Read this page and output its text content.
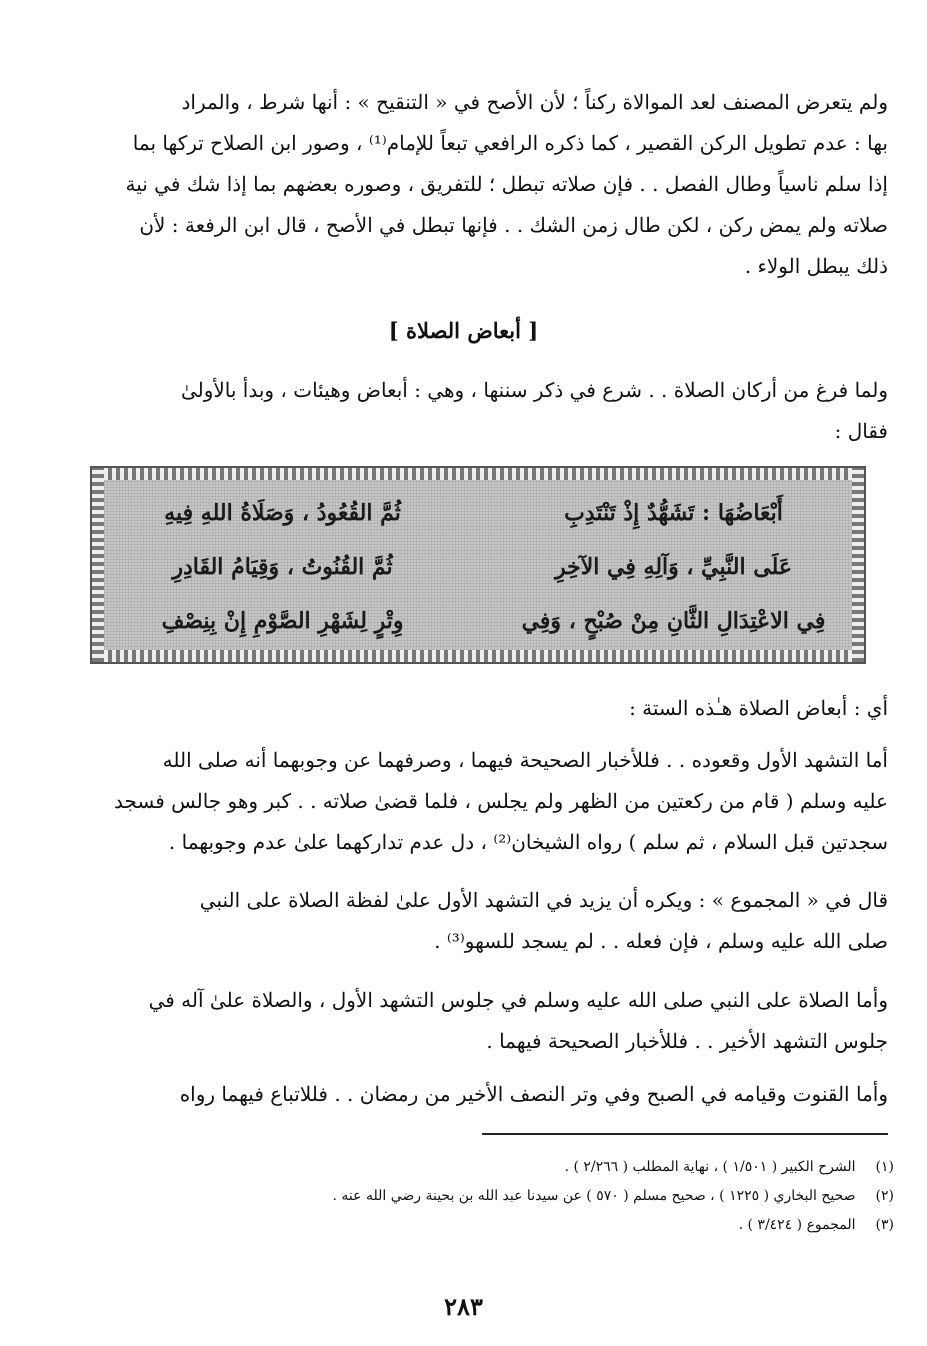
ولم يتعرض المصنف لعد الموالاة ركناً ؛ لأن الأصح في « التنقيح » : أنها شرط ، والمراد
بها : عدم تطويل الركن القصير ، كما ذكره الرافعي تبعاً للإمام⁽¹⁾ ، وصور ابن الصلاح تركها بما
إذا سلم ناسياً وطال الفصل . . فإن صلاته تبطل ؛ للتفريق ، وصوره بعضهم بما إذا شك في نية
صلاته ولم يمض ركن ، لكن طال زمن الشك . . فإنها تبطل في الأصح ، قال ابن الرفعة : لأن
ذلك يبطل الولاء .
[ أبعاض الصلاة ]
ولما فرغ من أركان الصلاة . . شرع في ذكر سننها ، وهي : أبعاض وهيئات ، وبدأ بالأولىٰ
فقال :
أَبْعَاضُهَا : تَشَهُّدٌ إِذْ تَنْتَدِبِ
ثُمَّ القُعُودُ ، وَصَلَاةُ اللهِ فِيهِ
عَلَى النَّبِيِّ ، وَآلِهِ فِي الآخِرِ
ثُمَّ القُنُوتُ ، وَقِيَامُ القَادِرِ
فِي الاعْتِدَالِ الثَّانِ مِنْ صُبْحٍ ، وَفِي
وِتْرٍ لِشَهْرِ الصَّوْمِ إِنْ بِنِصْفِ
أي : أبعاض الصلاة هـٰذه الستة :
أما التشهد الأول وقعوده . . فللأخبار الصحيحة فيهما ، وصرفهما عن وجوبهما أنه صلى الله
عليه وسلم ( قام من ركعتين من الظهر ولم يجلس ، فلما قضىٰ صلاته . . كبر وهو جالس فسجد
سجدتين قبل السلام ، ثم سلم ) رواه الشيخان⁽²⁾ ، دل عدم تداركهما علىٰ عدم وجوبهما .
قال في « المجموع » : ويكره أن يزيد في التشهد الأول علىٰ لفظة الصلاة على النبي
صلى الله عليه وسلم ، فإن فعله . . لم يسجد للسهو⁽³⁾ .
وأما الصلاة على النبي صلى الله عليه وسلم في جلوس التشهد الأول ، والصلاة علىٰ آله في
جلوس التشهد الأخير . . فللأخبار الصحيحة فيهما .
وأما القنوت وقيامه في الصبح وفي وتر النصف الأخير من رمضان . . فللاتباع فيهما رواه
(١) الشرح الكبير ( ١/٥٠١ ) ، نهاية المطلب ( ٢/٢٦٦ ) .
(٢) صحيح البخاري ( ١٢٢٥ ) ، صحيح مسلم ( ٥٧٠ ) عن سيدنا عبد الله بن بحينة رضي الله عنه .
(٣) المجموع ( ٣/٤٢٤ ) .
٢٨٣
